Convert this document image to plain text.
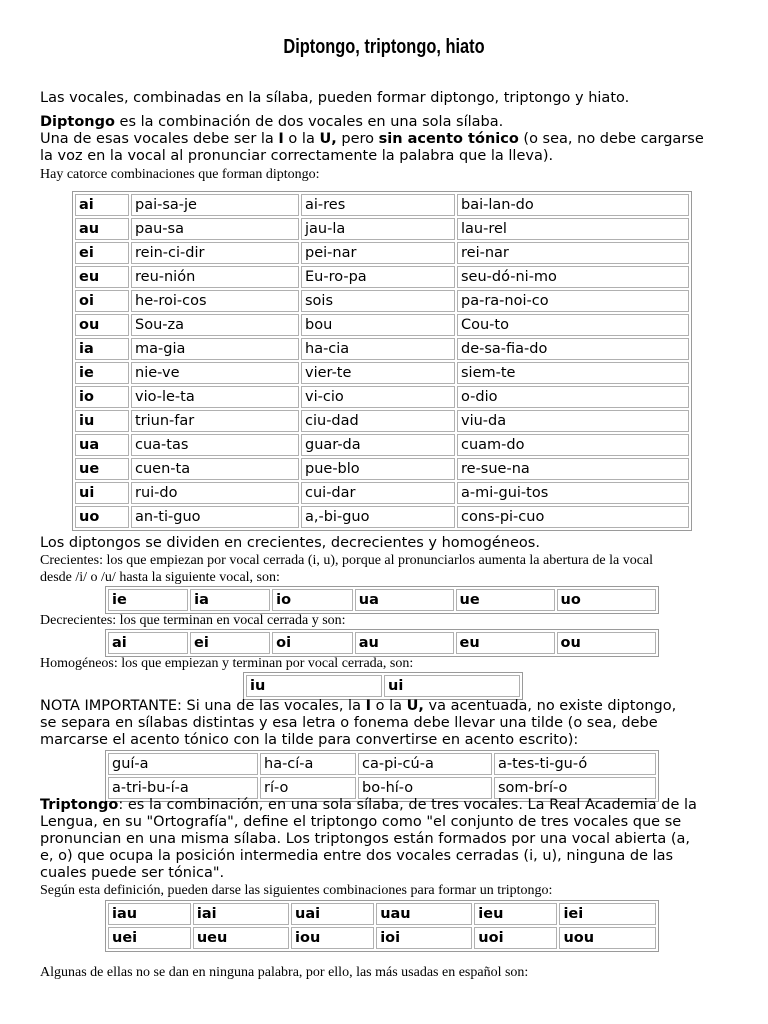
Diptongo, triptongo, hiato
Las vocales, combinadas en la sílaba, pueden formar diptongo, triptongo y hiato.
Diptongo es la combinación de dos vocales en una sola sílaba.
Una de esas vocales debe ser la I o la U, pero sin acento tónico (o sea, no debe cargarse
la voz en la vocal al pronunciar correctamente la palabra que la lleva).
Hay catorce combinaciones que forman diptongo:
ai	pai-sa-je	ai-res	bai-lan-do
au	pau-sa	jau-la	lau-rel
ei	rein-ci-dir	pei-nar	rei-nar
eu	reu-nión	Eu-ro-pa	seu-dó-ni-mo
oi	he-roi-cos	sois	pa-ra-noi-co
ou	Sou-za	bou	Cou-to
ia	ma-gia	ha-cia	de-sa-fia-do
ie	nie-ve	vier-te	siem-te
io	vio-le-ta	vi-cio	o-dio
iu	triun-far	ciu-dad	viu-da
ua	cua-tas	guar-da	cuam-do
ue	cuen-ta	pue-blo	re-sue-na
ui	rui-do	cui-dar	a-mi-gui-tos
uo	an-ti-guo	a,-bi-guo	cons-pi-cuo
Los diptongos se dividen en crecientes, decrecientes y homogéneos.
Crecientes: los que empiezan por vocal cerrada (i, u), porque al pronunciarlos aumenta la abertura de la vocal
desde /i/ o /u/ hasta la siguiente vocal, son:
ie	ia	io	ua	ue	uo
Decrecientes: los que terminan en vocal cerrada y son:
ai	ei	oi	au	eu	ou
Homogéneos: los que empiezan y terminan por vocal cerrada, son:
iu	ui
NOTA IMPORTANTE: Si una de las vocales, la I o la U, va acentuada, no existe diptongo,
se separa en sílabas distintas y esa letra o fonema debe llevar una tilde (o sea, debe
marcarse el acento tónico con la tilde para convertirse en acento escrito):
guí-a	ha-cí-a	ca-pi-cú-a	a-tes-ti-gu-ó
a-tri-bu-í-a	rí-o	bo-hí-o	som-brí-o
Triptongo: es la combinación, en una sola sílaba, de tres vocales. La Real Academia de la
Lengua, en su "Ortografía", define el triptongo como "el conjunto de tres vocales que se
pronuncian en una misma sílaba. Los triptongos están formados por una vocal abierta (a,
e, o) que ocupa la posición intermedia entre dos vocales cerradas (i, u), ninguna de las
cuales puede ser tónica".
Según esta definición, pueden darse las siguientes combinaciones para formar un triptongo:
iau	iai	uai	uau	ieu	iei
uei	ueu	iou	ioi	uoi	uou
Algunas de ellas no se dan en ninguna palabra, por ello, las más usadas en español son:
